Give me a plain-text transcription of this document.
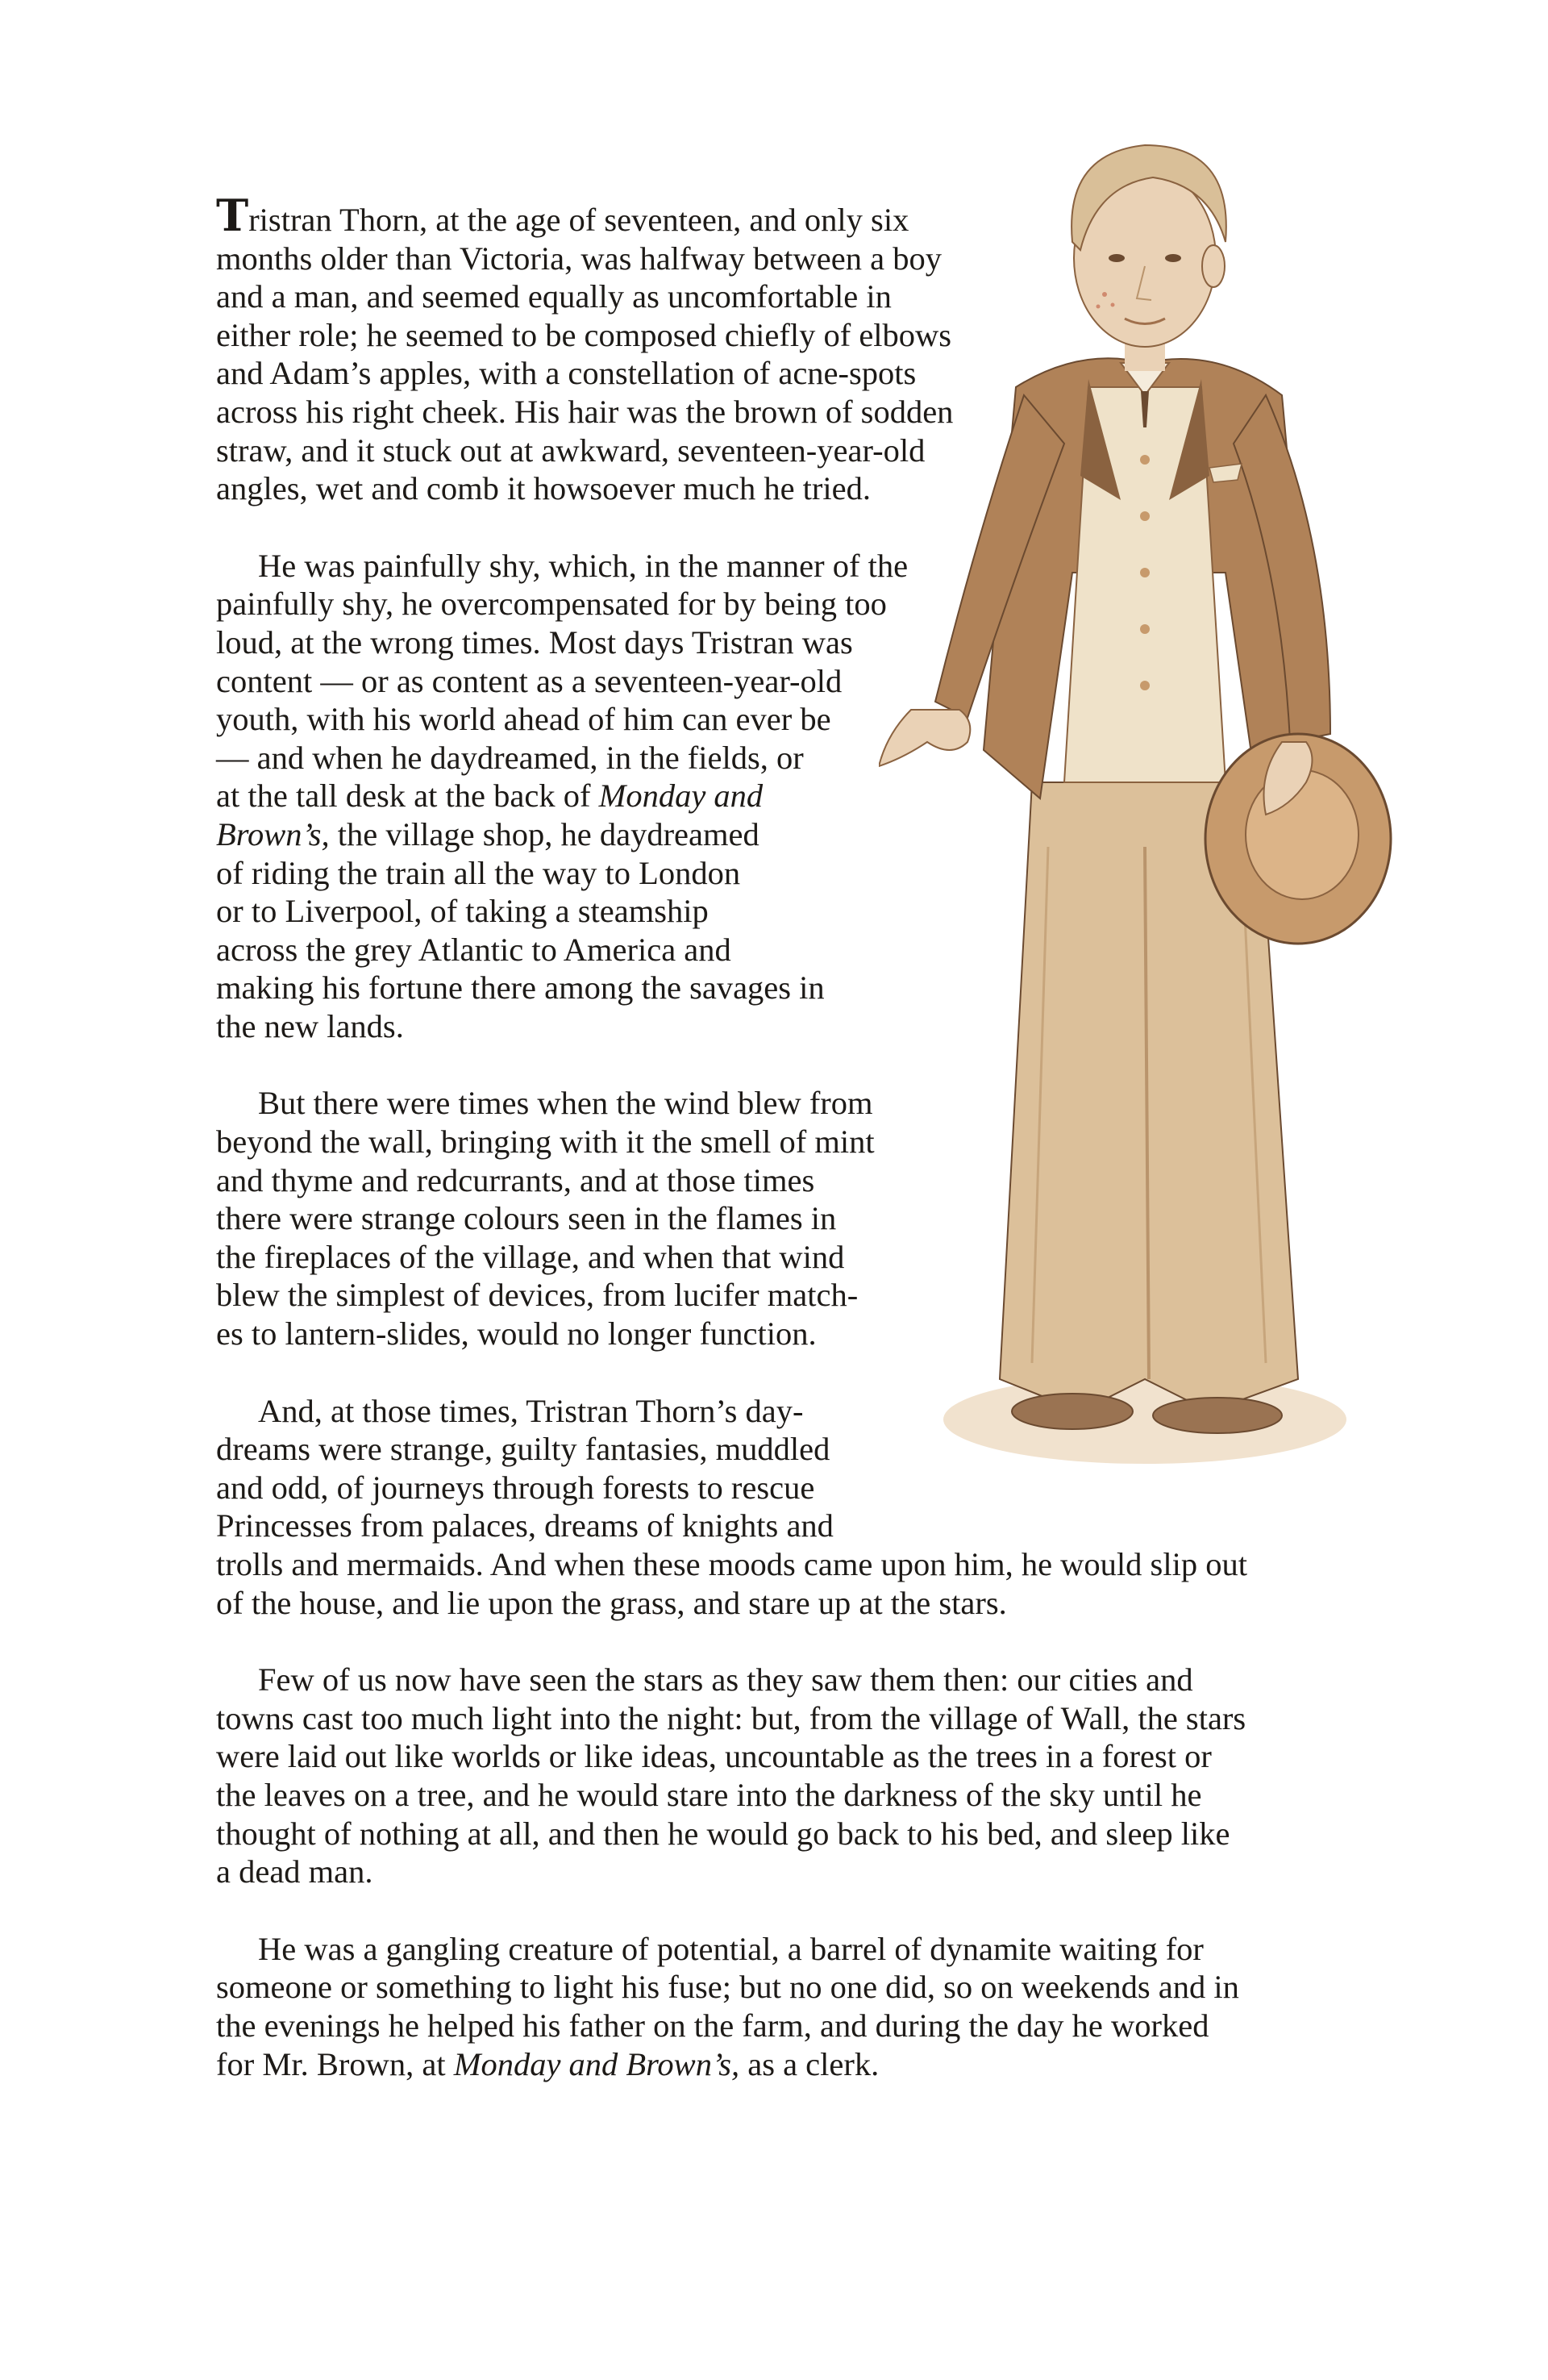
Tristran Thorn, at the age of seventeen, and only six
months older than Victoria, was halfway between a boy
and a man, and seemed equally as uncomfortable in
either role; he seemed to be composed chiefly of elbows
and Adam’s apples, with a constellation of acne-spots
across his right cheek. His hair was the brown of sodden
straw, and it stuck out at awkward, seventeen-year-old
angles, wet and comb it howsoever much he tried.

He was painfully shy, which, in the manner of the
painfully shy, he overcompensated for by being too
loud, at the wrong times. Most days Tristran was
content — or as content as a seventeen-year-old
youth, with his world ahead of him can ever be
— and when he daydreamed, in the fields, or
at the tall desk at the back of Monday and
Brown’s, the village shop, he daydreamed
of riding the train all the way to London
or to Liverpool, of taking a steamship
across the grey Atlantic to America and
making his fortune there among the savages in
the new lands.

But there were times when the wind blew from
beyond the wall, bringing with it the smell of mint
and thyme and redcurrants, and at those times
there were strange colours seen in the flames in
the fireplaces of the village, and when that wind
blew the simplest of devices, from lucifer match-
es to lantern-slides, would no longer function.

And, at those times, Tristran Thorn’s day-
dreams were strange, guilty fantasies, muddled
and odd, of journeys through forests to rescue
Princesses from palaces, dreams of knights and
trolls and mermaids. And when these moods came upon him, he would slip out
of the house, and lie upon the grass, and stare up at the stars.

Few of us now have seen the stars as they saw them then: our cities and
towns cast too much light into the night: but, from the village of Wall, the stars
were laid out like worlds or like ideas, uncountable as the trees in a forest or
the leaves on a tree, and he would stare into the darkness of the sky until he
thought of nothing at all, and then he would go back to his bed, and sleep like
a dead man.

He was a gangling creature of potential, a barrel of dynamite waiting for
someone or something to light his fuse; but no one did, so on weekends and in
the evenings he helped his father on the farm, and during the day he worked
for Mr. Brown, at Monday and Brown’s, as a clerk.
